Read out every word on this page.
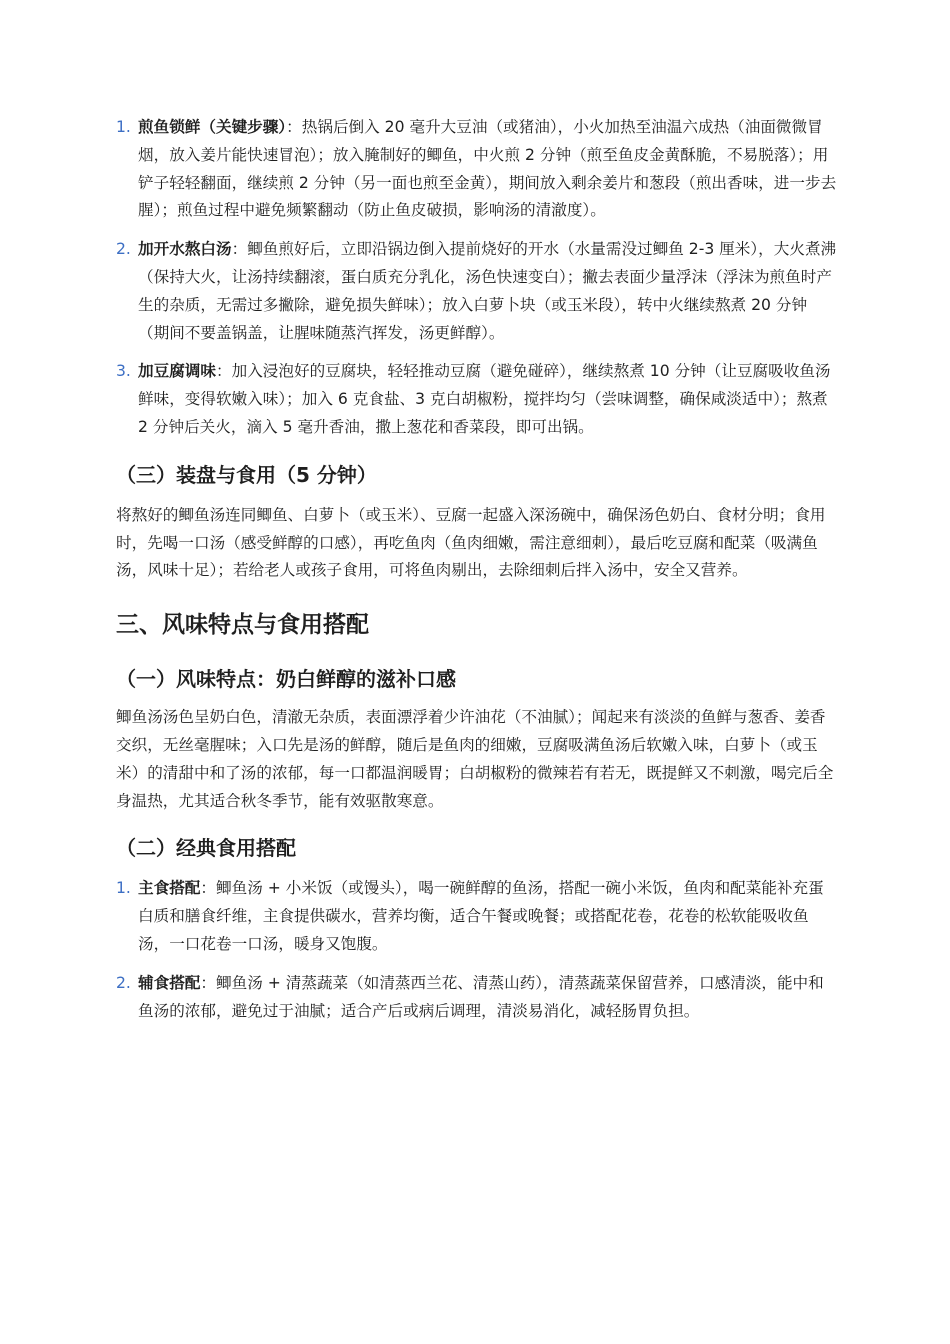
1. 煎鱼锁鲜（关键步骤）：热锅后倒入 20 毫升大豆油（或猪油），小火加热至油温六成热（油面微微冒烟，放入姜片能快速冒泡）；放入腌制好的鲫鱼，中火煎 2 分钟（煎至鱼皮金黄酥脆，不易脱落）；用铲子轻轻翻面，继续煎 2 分钟（另一面也煎至金黄），期间放入剩余姜片和葱段（煎出香味，进一步去腥）；煎鱼过程中避免频繁翻动（防止鱼皮破损，影响汤的清澈度）。
2. 加开水熬白汤：鲫鱼煎好后，立即沿锅边倒入提前烧好的开水（水量需没过鲫鱼 2-3 厘米），大火煮沸（保持大火，让汤持续翻滚，蛋白质充分乳化，汤色快速变白）；撇去表面少量浮沫（浮沫为煎鱼时产生的杂质，无需过多撇除，避免损失鲜味）；放入白萝卜块（或玉米段），转中火继续熬煮 20 分钟（期间不要盖锅盖，让腥味随蒸汽挥发，汤更鲜醇）。
3. 加豆腐调味：加入浸泡好的豆腐块，轻轻推动豆腐（避免碰碎），继续熬煮 10 分钟（让豆腐吸收鱼汤鲜味，变得软嫩入味）；加入 6 克食盐、3 克白胡椒粉，搅拌均匀（尝味调整，确保咸淡适中）；熬煮 2 分钟后关火，滴入 5 毫升香油，撒上葱花和香菜段，即可出锅。
（三）装盘与食用（5 分钟）

将熬好的鲫鱼汤连同鲫鱼、白萝卜（或玉米）、豆腐一起盛入深汤碗中，确保汤色奶白、食材分明；食用时，先喝一口汤（感受鲜醇的口感），再吃鱼肉（鱼肉细嫩，需注意细刺），最后吃豆腐和配菜（吸满鱼汤，风味十足）；若给老人或孩子食用，可将鱼肉剔出，去除细刺后拌入汤中，安全又营养。

三、风味特点与食用搭配
（一）风味特点：奶白鲜醇的滋补口感

鲫鱼汤汤色呈奶白色，清澈无杂质，表面漂浮着少许油花（不油腻）；闻起来有淡淡的鱼鲜与葱香、姜香交织，无丝毫腥味；入口先是汤的鲜醇，随后是鱼肉的细嫩，豆腐吸满鱼汤后软嫩入味，白萝卜（或玉米）的清甜中和了汤的浓郁，每一口都温润暖胃；白胡椒粉的微辣若有若无，既提鲜又不刺激，喝完后全身温热，尤其适合秋冬季节，能有效驱散寒意。

（二）经典食用搭配
1. 主食搭配：鲫鱼汤 + 小米饭（或馒头），喝一碗鲜醇的鱼汤，搭配一碗小米饭，鱼肉和配菜能补充蛋白质和膳食纤维，主食提供碳水，营养均衡，适合午餐或晚餐；或搭配花卷，花卷的松软能吸收鱼汤，一口花卷一口汤，暖身又饱腹。
2. 辅食搭配：鲫鱼汤 + 清蒸蔬菜（如清蒸西兰花、清蒸山药），清蒸蔬菜保留营养，口感清淡，能中和鱼汤的浓郁，避免过于油腻；适合产后或病后调理，清淡易消化，减轻肠胃负担。
